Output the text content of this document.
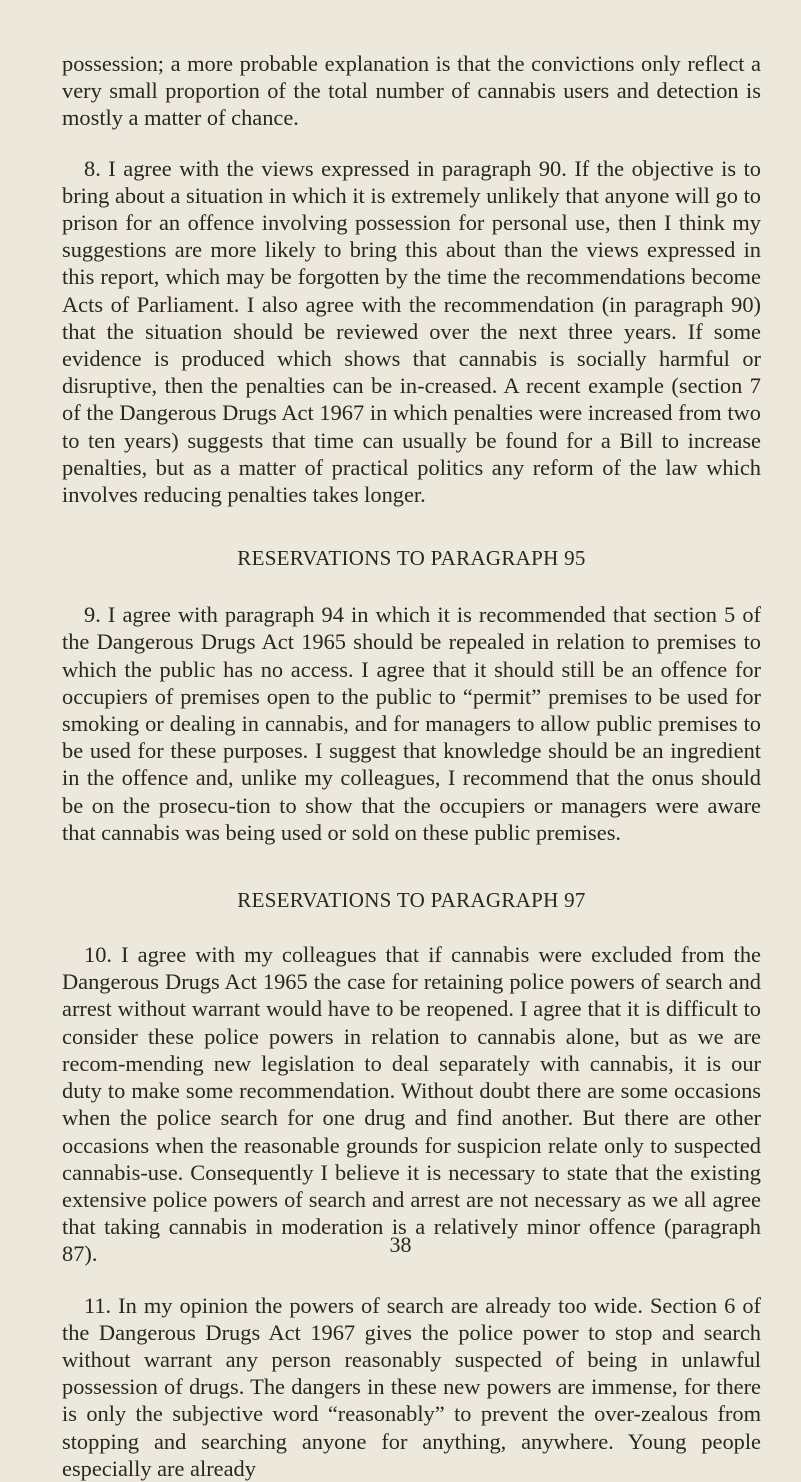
possession; a more probable explanation is that the convictions only reflect a very small proportion of the total number of cannabis users and detection is mostly a matter of chance.

8. I agree with the views expressed in paragraph 90. If the objective is to bring about a situation in which it is extremely unlikely that anyone will go to prison for an offence involving possession for personal use, then I think my suggestions are more likely to bring this about than the views expressed in this report, which may be forgotten by the time the recommendations become Acts of Parliament. I also agree with the recommendation (in paragraph 90) that the situation should be reviewed over the next three years. If some evidence is produced which shows that cannabis is socially harmful or disruptive, then the penalties can be in-creased. A recent example (section 7 of the Dangerous Drugs Act 1967 in which penalties were increased from two to ten years) suggests that time can usually be found for a Bill to increase penalties, but as a matter of practical politics any reform of the law which involves reducing penalties takes longer.

RESERVATIONS TO PARAGRAPH 95

9. I agree with paragraph 94 in which it is recommended that section 5 of the Dangerous Drugs Act 1965 should be repealed in relation to premises to which the public has no access. I agree that it should still be an offence for occupiers of premises open to the public to “permit” premises to be used for smoking or dealing in cannabis, and for managers to allow public premises to be used for these purposes. I suggest that knowledge should be an ingredient in the offence and, unlike my colleagues, I recommend that the onus should be on the prosecu-tion to show that the occupiers or managers were aware that cannabis was being used or sold on these public premises.

RESERVATIONS TO PARAGRAPH 97

10. I agree with my colleagues that if cannabis were excluded from the Dangerous Drugs Act 1965 the case for retaining police powers of search and arrest without warrant would have to be reopened. I agree that it is difficult to consider these police powers in relation to cannabis alone, but as we are recom-mending new legislation to deal separately with cannabis, it is our duty to make some recommendation. Without doubt there are some occasions when the police search for one drug and find another. But there are other occasions when the reasonable grounds for suspicion relate only to suspected cannabis-use. Consequently I believe it is necessary to state that the existing extensive police powers of search and arrest are not necessary as we all agree that taking cannabis in moderation is a relatively minor offence (paragraph 87).

11. In my opinion the powers of search are already too wide. Section 6 of the Dangerous Drugs Act 1967 gives the police power to stop and search without warrant any person reasonably suspected of being in unlawful possession of drugs. The dangers in these new powers are immense, for there is only the subjective word “reasonably” to prevent the over-zealous from stopping and searching anyone for anything, anywhere. Young people especially are already

38
